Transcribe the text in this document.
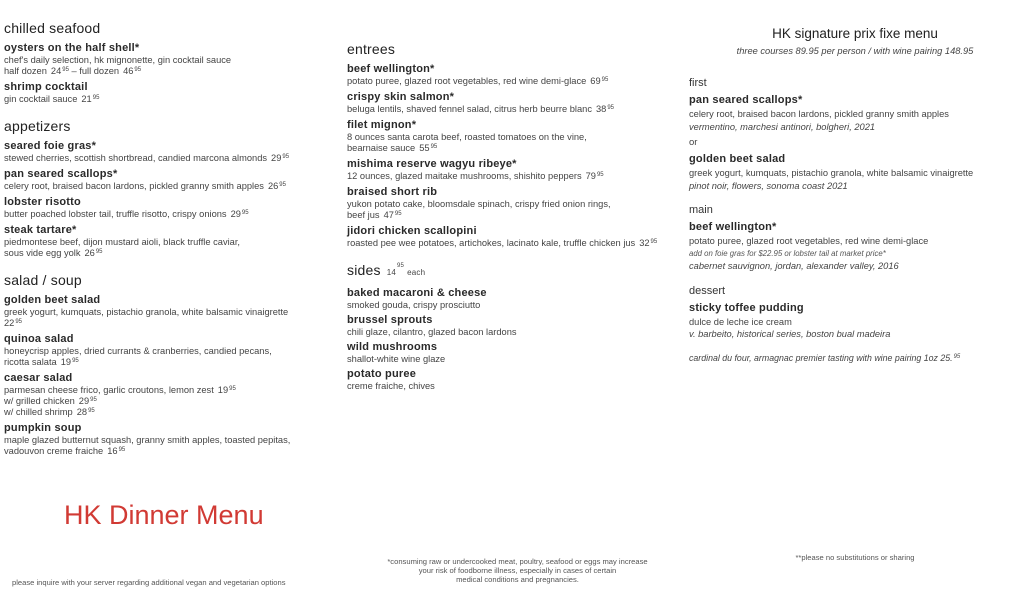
chilled seafood
oysters on the half shell*
chef's daily selection, hk mignonette, gin cocktail sauce
half dozen $24^{95}$ – full dozen $46^{95}$
shrimp cocktail
gin cocktail sauce $21^{95}$
appetizers
seared foie gras*
stewed cherries, scottish shortbread, candied marcona almonds $29^{95}$
pan seared scallops*
celery root, braised bacon lardons, pickled granny smith apples $26^{95}$
lobster risotto
butter poached lobster tail, truffle risotto, crispy onions $29^{95}$
steak tartare*
piedmontese beef, dijon mustard aioli, black truffle caviar,
sous vide egg yolk $26^{95}$
salad / soup
golden beet salad
greek yogurt, kumquats, pistachio granola, white balsamic vinaigrette
$22^{95}$
quinoa salad
honeycrisp apples, dried currants & cranberries, candied pecans,
ricotta salata $19^{95}$
caesar salad
parmesan cheese frico, garlic croutons, lemon zest $19^{95}$
w/ grilled chicken $29^{95}$
w/ chilled shrimp $28^{95}$
pumpkin soup
maple glazed butternut squash, granny smith apples, toasted pepitas,
vadouvon creme fraiche $16^{95}$
entrees
beef wellington*
potato puree, glazed root vegetables, red wine demi-glace $69^{95}$
crispy skin salmon*
beluga lentils, shaved fennel salad, citrus herb beurre blanc $38^{95}$
filet mignon*
8 ounces santa carota beef, roasted tomatoes on the vine,
bearnaise sauce $55^{95}$
mishima reserve wagyu ribeye*
12 ounces, glazed maitake mushrooms, shishito peppers $79^{95}$
braised short rib
yukon potato cake, bloomsdale spinach, crispy fried onion rings,
beef jus $47^{95}$
jidori chicken scallopini
roasted pee wee potatoes, artichokes, lacinato kale, truffle chicken jus $32^{95}$
sides $14^{95}each$
baked macaroni & cheese
smoked gouda, crispy prosciutto
brussel sprouts
chili glaze, cilantro, glazed bacon lardons
wild mushrooms
shallot-white wine glaze
potato puree
creme fraiche, chives
HK signature prix fixe menu
three courses 89.95 per person / with wine pairing 148.95
first
pan seared scallops*
celery root, braised bacon lardons, pickled granny smith apples
vermentino, marchesi antinori, bolgheri, 2021
or
golden beet salad
greek yogurt, kumquats, pistachio granola, white balsamic vinaigrette
pinot noir, flowers, sonoma coast 2021
main
beef wellington*
potato puree, glazed root vegetables, red wine demi-glace
add on foie gras for $22.95 or lobster tail at market price*
cabernet sauvignon, jordan, alexander valley, 2016
dessert
sticky toffee pudding
dulce de leche ice cream
v. barbeito, historical series, boston bual madeira
cardinal du four, armagnac premier tasting with wine pairing 1oz 25.95
HK Dinner Menu
please inquire with your server regarding additional vegan and vegetarian options
*consuming raw or undercooked meat, poultry, seafood or eggs may increase
your risk of foodborne illness, especially in cases of certain
medical conditions and pregnancies.
**please no substitutions or sharing
